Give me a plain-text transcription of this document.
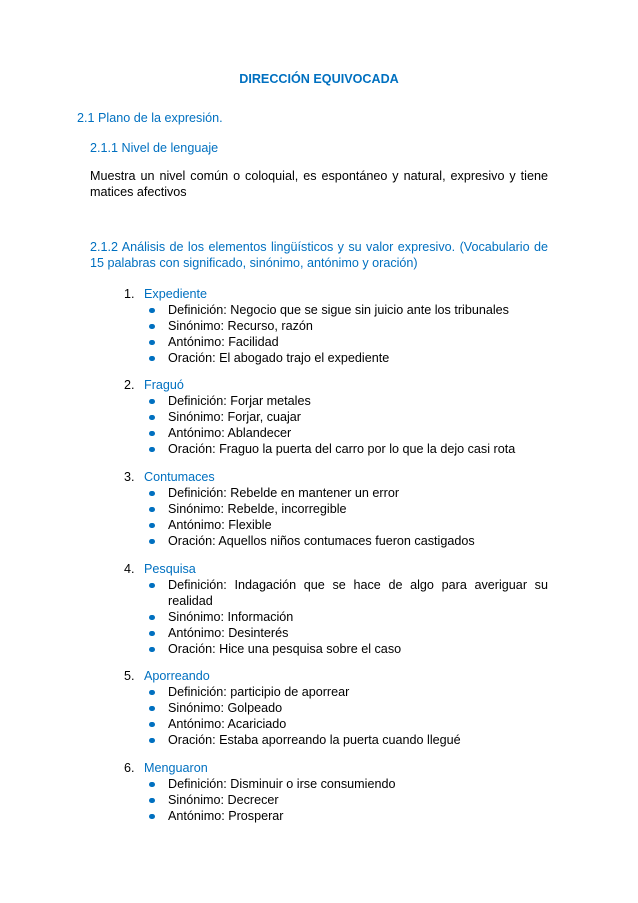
DIRECCIÓN EQUIVOCADA
2.1 Plano de la expresión.
2.1.1 Nivel de lenguaje
Muestra un nivel común o coloquial, es espontáneo y natural, expresivo y tiene matices afectivos
2.1.2 Análisis de los elementos lingüísticos y su valor expresivo. (Vocabulario de 15 palabras con significado, sinónimo, antónimo y oración)
1. Expediente
Definición: Negocio que se sigue sin juicio ante los tribunales
Sinónimo: Recurso, razón
Antónimo: Facilidad
Oración: El abogado trajo el expediente
2. Fraguó
Definición: Forjar metales
Sinónimo: Forjar, cuajar
Antónimo: Ablandecer
Oración: Fraguo la puerta del carro por lo que la dejo casi rota
3. Contumaces
Definición: Rebelde en mantener un error
Sinónimo: Rebelde, incorregible
Antónimo: Flexible
Oración: Aquellos niños contumaces fueron castigados
4. Pesquisa
Definición: Indagación que se hace de algo para averiguar su realidad
Sinónimo: Información
Antónimo: Desinterés
Oración: Hice una pesquisa sobre el caso
5. Aporreando
Definición: participio de aporrear
Sinónimo: Golpeado
Antónimo: Acariciado
Oración: Estaba aporreando la puerta cuando llegué
6. Menguaron
Definición: Disminuir o irse consumiendo
Sinónimo: Decrecer
Antónimo: Prosperar
